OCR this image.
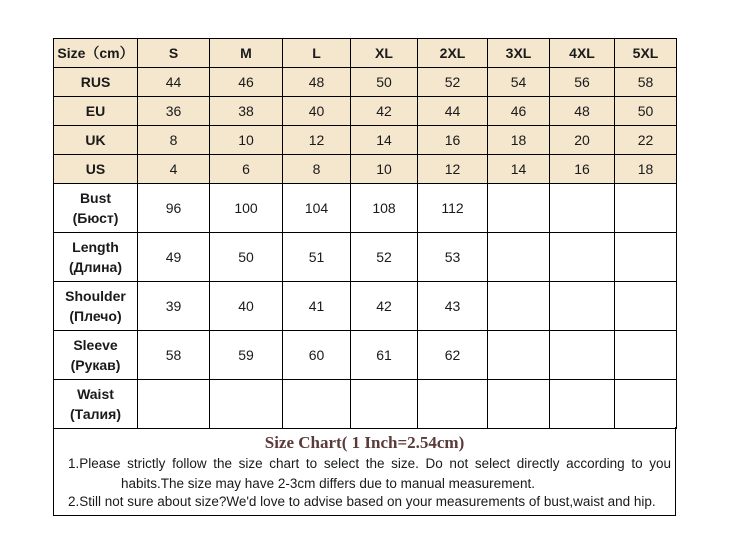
Size（cm）	S	M	L	XL	2XL	3XL	4XL	5XL
RUS	44	46	48	50	52	54	56	58
EU	36	38	40	42	44	46	48	50
UK	8	10	12	14	16	18	20	22
US	4	6	8	10	12	14	16	18

Bust
(Бюст)	96	100	104	108	112			

Length
(Длина)	49	50	51	52	53			

Shoulder
(Плечо)	39	40	41	42	43			

Sleeve
(Рукав)	58	59	60	61	62			

Waist
(Талия)								

Size Chart( 1 Inch=2.54cm)
1.Please strictly follow the size chart to select the size. Do not select directly according to you
habits.The size may have 2-3cm differs due to manual measurement.
2.Still not sure about size?We'd love to advise based on your measurements of bust,waist and hip.
